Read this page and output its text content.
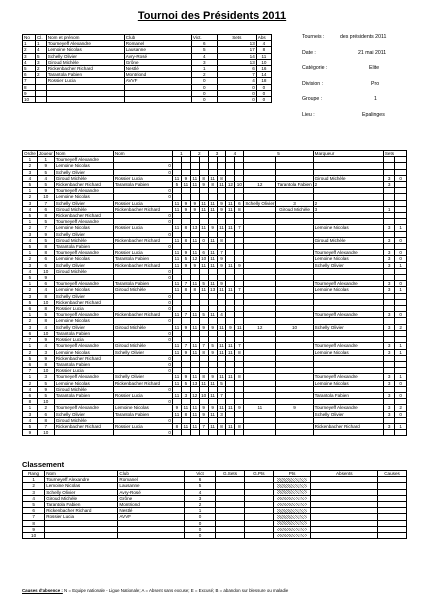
Tournoi des Présidents 2011
No	Cl.	Nom et prénom	Club	Vict.	Sets	Abs
1	1	Tourneyeff Alexandre	Romanel	6	13	4
2	4	Lemoine Nicolas	Lausanne	5	17	8
3	5	Schelly Olivier	Avry-Rosé	4	14	11
4	3	Giroud Michèle	Grône	3	13	10
5	2	Rickenbacher Richard	Nestlé	1	6	16
6	2	Tarantola Fabien	Montriond	2	7	14
7		Rossier Lucia	AVVF	0	4	18
8				0	0	0
9				0	0	0
10				0	0	0
Tourneis :	des présidents 2011
Date :	21 mai 2011
Catégorie :	Elite
Division :	Pro
Groupe :	1
Lieu :	Epalinges
Ordre	Joueur	Nom	Nom	1		2		3		4		5		Marqueur	Sets	
1	1	Tourneyeff Alexandre														
2	9	Lemoine Nicolas	0													
3	5	Schelly Olivier	0													
4	4	Giroud Michèle	Rossier Lucia	11	9	11	8	11	8					Giroud Michèle	3	0
5	5	Rickenbacher Richard	Tarantola Fabien	5	11	11	9	8	11	12	10	12	Tarantola Fabien	2	3	
1	9	Tourneyeff Alexandre	0													
2	10	Lemoine Nicolas	0													
3	7	Schelly Olivier	Rossier Lucia	11	9	9	11	11	9	11	6	Schelly Olivier	3	2		
4	6	Giroud Michèle	Rickenbacher Richard	11	9	9	11	11	9	11	8		Giroud Michèle	3	1	
5	8	Rickenbacher Richard	0													
1	5	Tourneyeff Alexandre	0													
2	7	Lemoine Nicolas	Rossier Lucia	11	8	13	11	9	11	11	7			Lemoine Nicolas	3	1
3	9	Schelly Olivier	0													
4	5	Giroud Michèle	Rickenbacher Richard	11	8	11	0	11	8					Giroud Michèle	3	0
5	8	Tarantola Fabien	0													
1	8	Tourneyeff Alexandre	Rossier Lucia	11	9	11	6	11	7					Tourneyeff Alexandre	3	0
2	6	Lemoine Nicolas	Tarantola Fabien	11	5	12	10	11	9					Lemoine Nicolas	3	0
3	6	Schelly Olivier	Rickenbacher Richard	11	9	9	11	11	9	11	9			Schelly Olivier	3	1
4	10	Giroud Michèle	0													
5	9		0													
1	6	Tourneyeff Alexandre	Tarantola Fabien	11	7	11	5	11	9					Tourneyeff Alexandre	3	0
2	4	Lemoine Nicolas	Giroud Michèle	11	8	8	11	13	11	11	7			Lemoine Nicolas	3	1
3	8	Schelly Olivier	0													
5	10	Rickenbacher Richard	0													
6	8	Rossier Lucia	0													
1	5	Tourneyeff Alexandre	Rickenbacher Richard	11	7	11	5	11	4					Tourneyeff Alexandre	3	0
2	8	Lemoine Nicolas	0													
3	4	Schelly Olivier	Giroud Michèle	11	9	11	9	9	11	9	11	12	10	Schelly Olivier	3	2
6	10	Tarantola Fabien	0													
7	9	Rossier Lucia	0													
1	4	Tourneyeff Alexandre	Giroud Michèle	11	7	11	7	5	11	11	7			Tourneyeff Alexandre	3	1
2	3	Lemoine Nicolas	Schelly Olivier	11	9	11	8	9	11	11	8			Lemoine Nicolas	3	1
5	9	Rickenbacher Richard	0													
6	8	Tarantola Fabien	0													
7	10	Rossier Lucia	0													
1	3	Tourneyeff Alexandre	Schelly Olivier	11	9	11	8	9	11	11	8			Tourneyeff Alexandre	3	1
2	5	Lemoine Nicolas	Rickenbacher Richard	11	5	13	11	11	5					Lemoine Nicolas	3	0
4	9	Giroud Michèle	0													
6	5	Tarantola Fabien	Rossier Lucia	11	3	12	10	11	7					Tarantola Fabien	3	0
8	10		0													
1	2	Tourneyeff Alexandre	Lemoine Nicolas	9	11	11	9	9	11	11	9	11	9	Tourneyeff Alexandre	3	2
3	6	Schelly Olivier	Tarantola Fabien	11	8	11	9	11	3					Schelly Olivier	3	0
4	8	Giroud Michèle	0													
5	7	Rickenbacher Richard	Rossier Lucia	8	11	11	7	11	8	11	8			Rickenbacher Richard	3	1
9	10		0													
Classement
Rang	Nom	Club	Vict	G.Sets	G.Pts	Pts	Absents	Causes
1	Tourneyeff Alexandre	Romanel	6			

2	Lemoine Nicolas	Lausanne	5			

3	Schelly Olivier	Avry-Rosé	4			

4	Giroud Michèle	Grône	3			

5	Tarantola Fabien	Montriond	2			

6	Rickenbacher Richard	Nestlé	1			

7	Rossier Lucia	AVVF	0			

8			0			

9			0			

10			0			

Causes d'absence : N = Equipe nationale - Ligue Nationale; A = Absent sans excuse; E = Excusé; B = abandon sur blessure ou maladie
